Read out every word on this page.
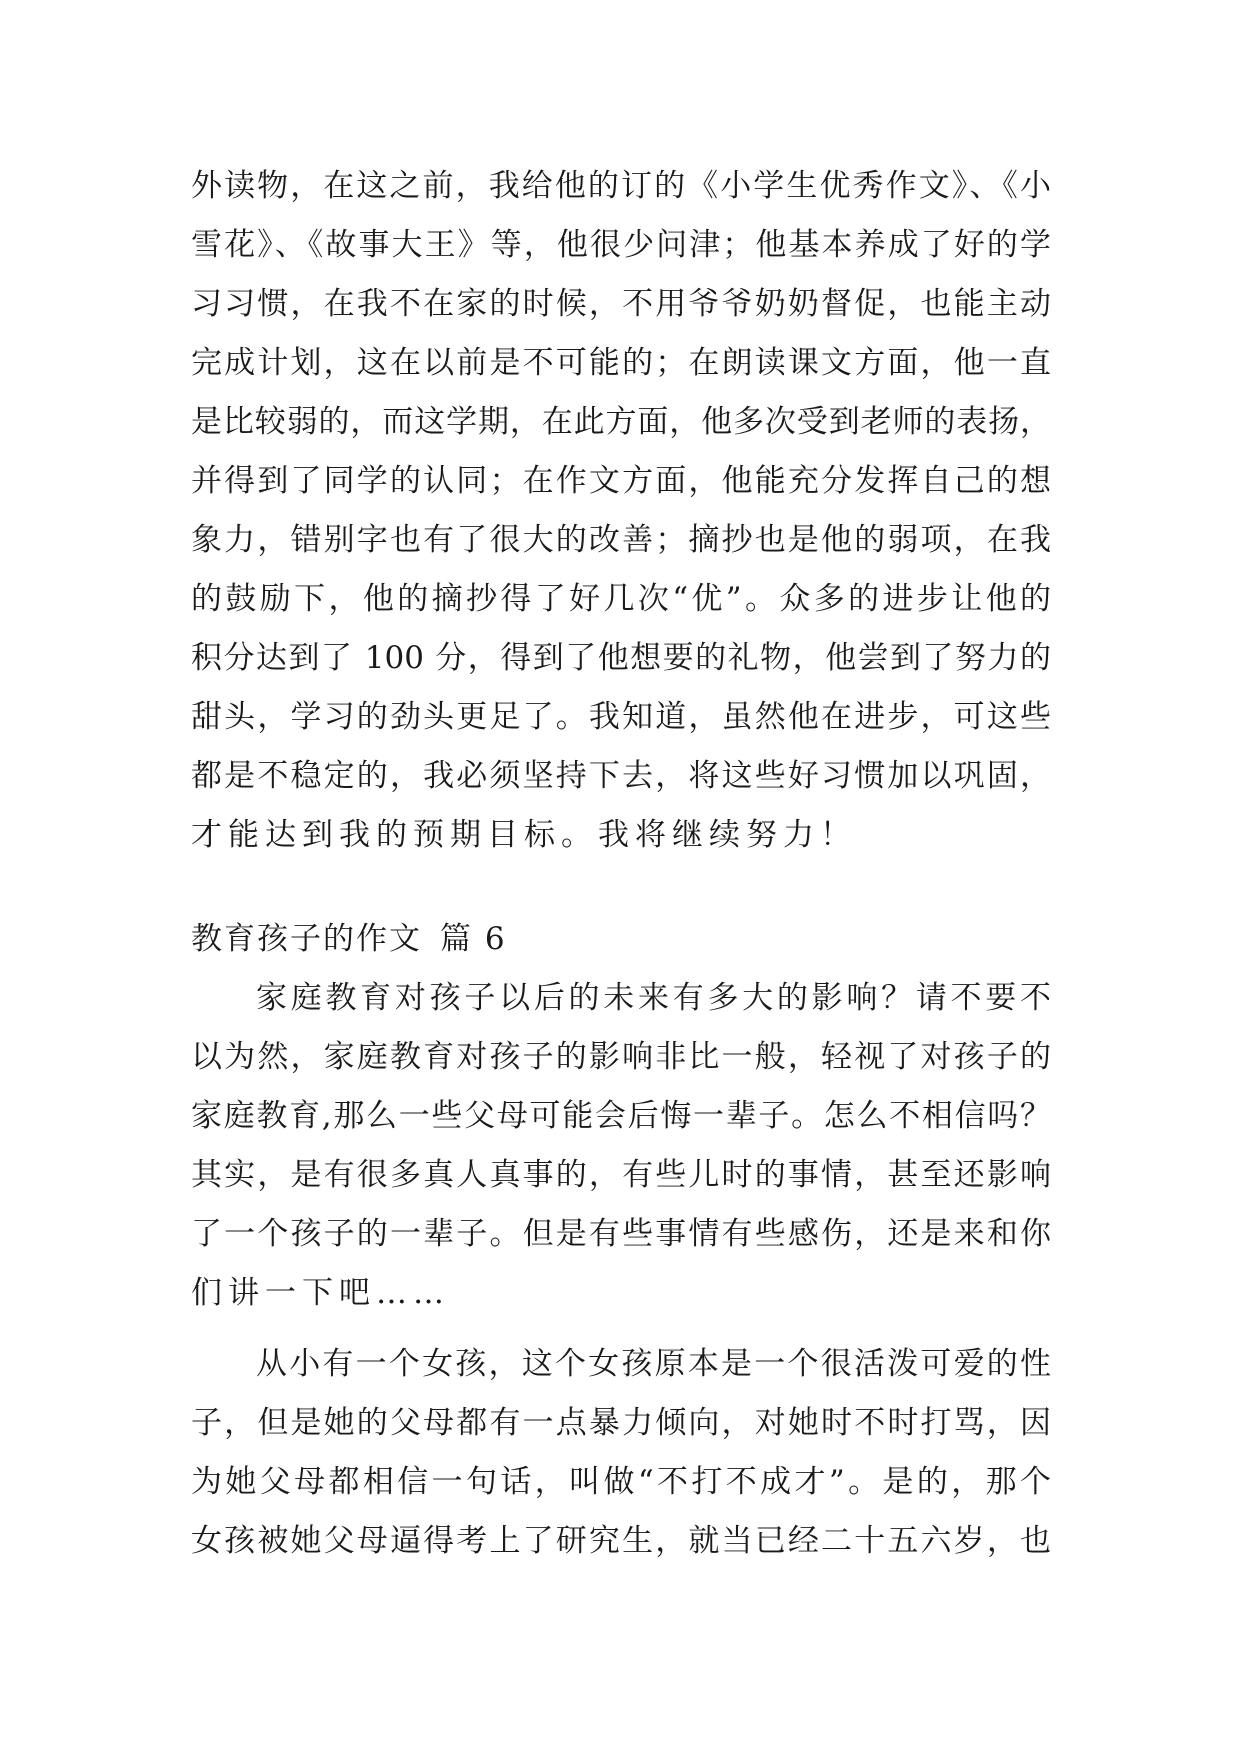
外读物，在这之前，我给他的订的《小学生优秀作文》、《小
雪花》、《故事大王》等，他很少问津；他基本养成了好的学
习习惯，在我不在家的时候，不用爷爷奶奶督促，也能主动
完成计划，这在以前是不可能的；在朗读课文方面，他一直
是比较弱的，而这学期，在此方面，他多次受到老师的表扬，
并得到了同学的认同；在作文方面，他能充分发挥自己的想
象力，错别字也有了很大的改善；摘抄也是他的弱项，在我
的鼓励下，他的摘抄得了好几次“优”。众多的进步让他的
积分达到了 100 分，得到了他想要的礼物，他尝到了努力的
甜头，学习的劲头更足了。我知道，虽然他在进步，可这些
都是不稳定的，我必须坚持下去，将这些好习惯加以巩固，
才能达到我的预期目标。我将继续努力！
教育孩子的作文 篇 6
家庭教育对孩子以后的未来有多大的影响？请不要不
以为然，家庭教育对孩子的影响非比一般，轻视了对孩子的
家庭教育,那么一些父母可能会后悔一辈子。怎么不相信吗？
其实，是有很多真人真事的，有些儿时的事情，甚至还影响
了一个孩子的一辈子。但是有些事情有些感伤，还是来和你
们讲一下吧……
从小有一个女孩，这个女孩原本是一个很活泼可爱的性
子，但是她的父母都有一点暴力倾向，对她时不时打骂，因
为她父母都相信一句话，叫做“不打不成才”。是的，那个
女孩被她父母逼得考上了研究生，就当已经二十五六岁，也
